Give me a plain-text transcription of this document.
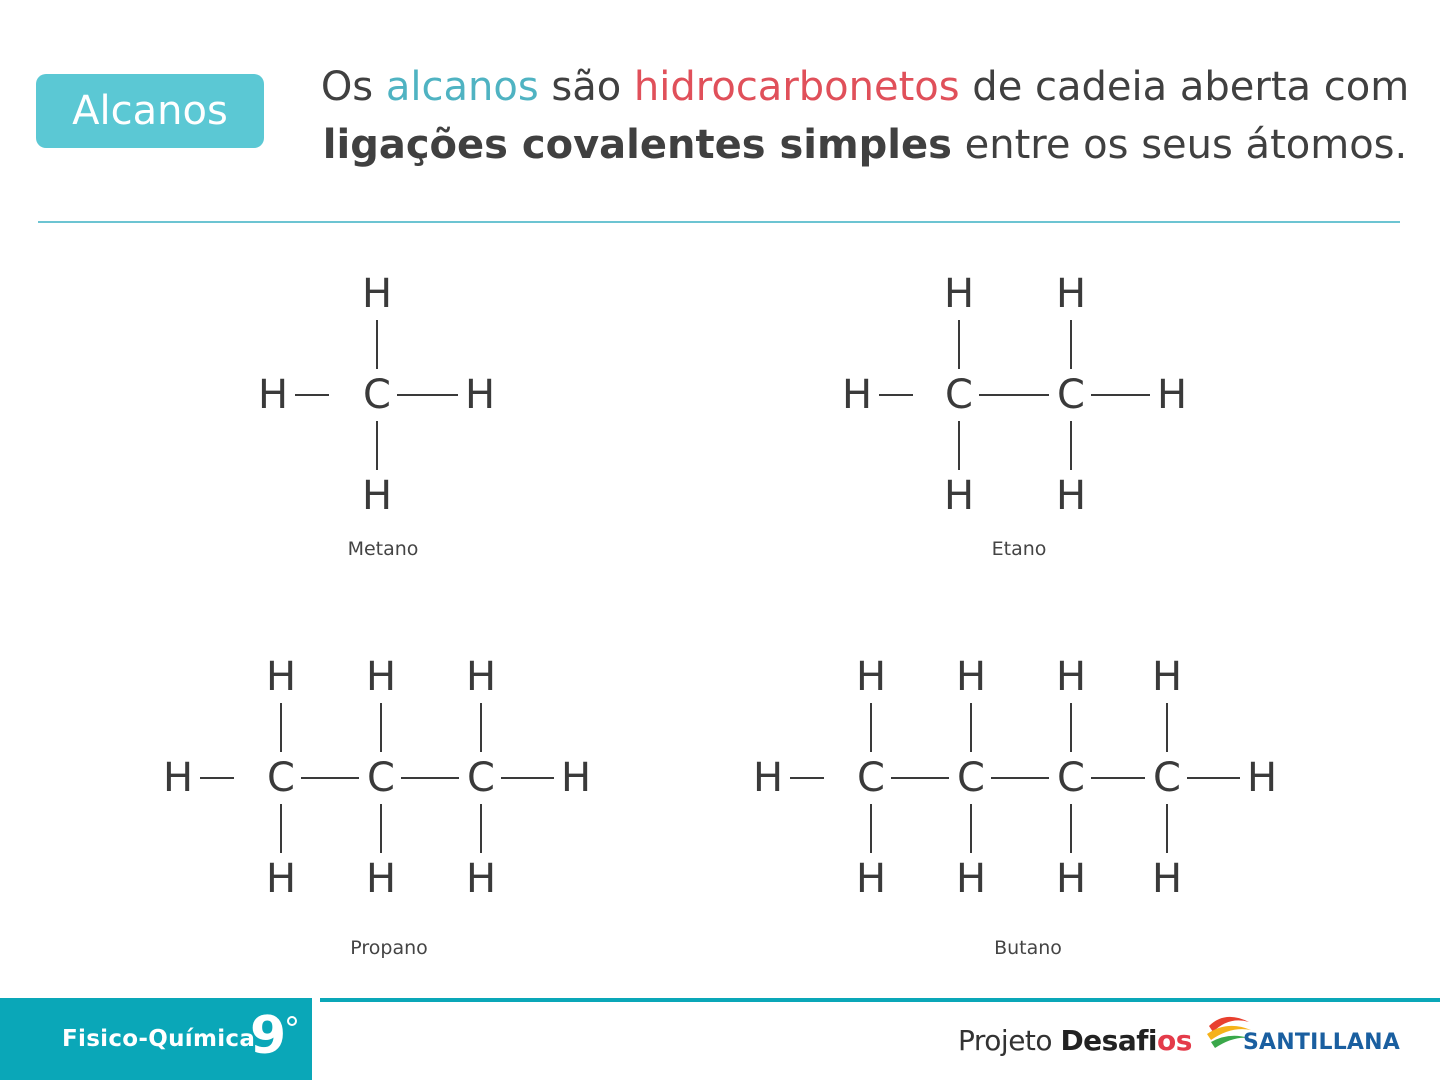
Alcanos
Os alcanos são hidrocarbonetos de cadeia aberta com
ligações covalentes simples entre os seus átomos.
H	H
C
H
H
H	H
C
H
H
C
H
H
H	H
C
H
H
C
H
H
C
H
H
H	H
C
H
H
C
H
H
C
H
H
C
H
H
Metano	Etano
Propano	Butano
Fisico-Química
9	Projeto Desafios SANTILLANA
